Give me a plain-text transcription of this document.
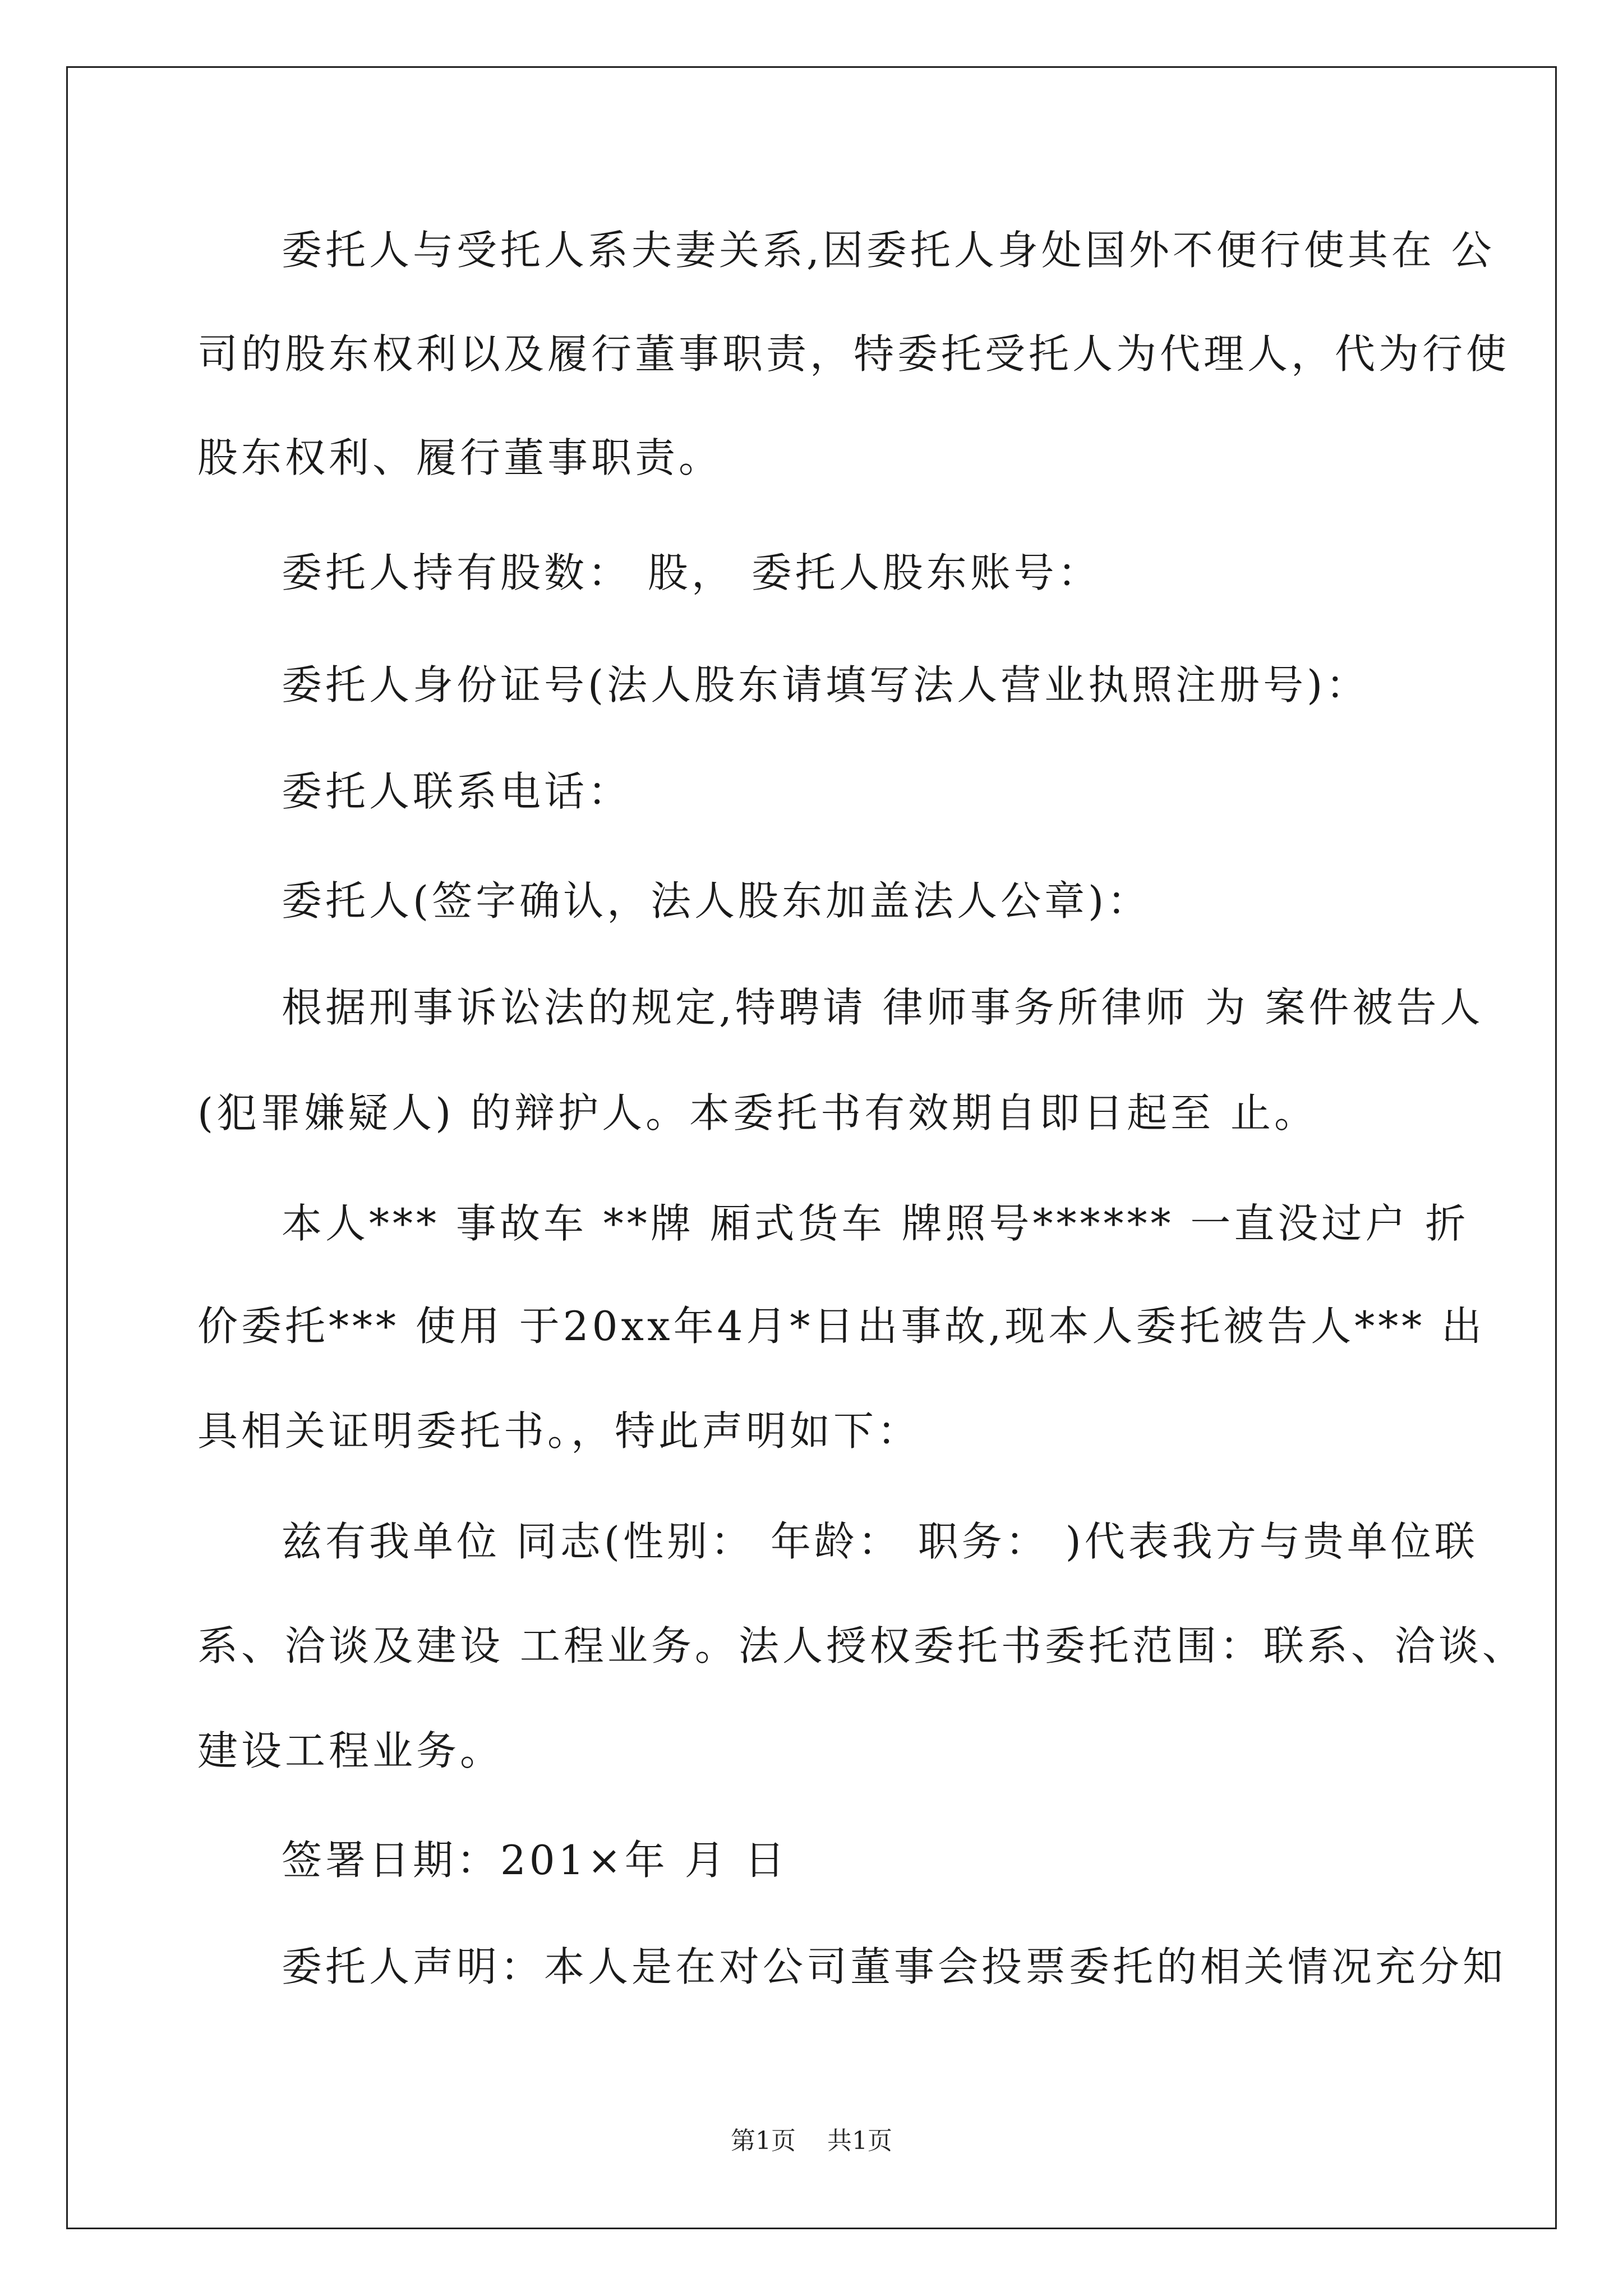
委托人与受托人系夫妻关系,因委托人身处国外不便行使其在 公
司的股东权利以及履行董事职责，特委托受托人为代理人，代为行使
股东权利、履行董事职责。
委托人持有股数： 股， 委托人股东账号：
委托人身份证号(法人股东请填写法人营业执照注册号)：
委托人联系电话：
委托人(签字确认，法人股东加盖法人公章)：
根据刑事诉讼法的规定,特聘请 律师事务所律师 为 案件被告人
(犯罪嫌疑人) 的辩护人。本委托书有效期自即日起至 止。
本人*** 事故车 **牌 厢式货车 牌照号****** 一直没过户 折
价委托*** 使用 于20xx年4月*日出事故,现本人委托被告人*** 出
具相关证明委托书。，特此声明如下：
兹有我单位 同志(性别： 年龄： 职务： )代表我方与贵单位联
系、洽谈及建设 工程业务。法人授权委托书委托范围：联系、洽谈、
建设工程业务。
签署日期：201×年 月 日
委托人声明：本人是在对公司董事会投票委托的相关情况充分知
第1页 共1页
